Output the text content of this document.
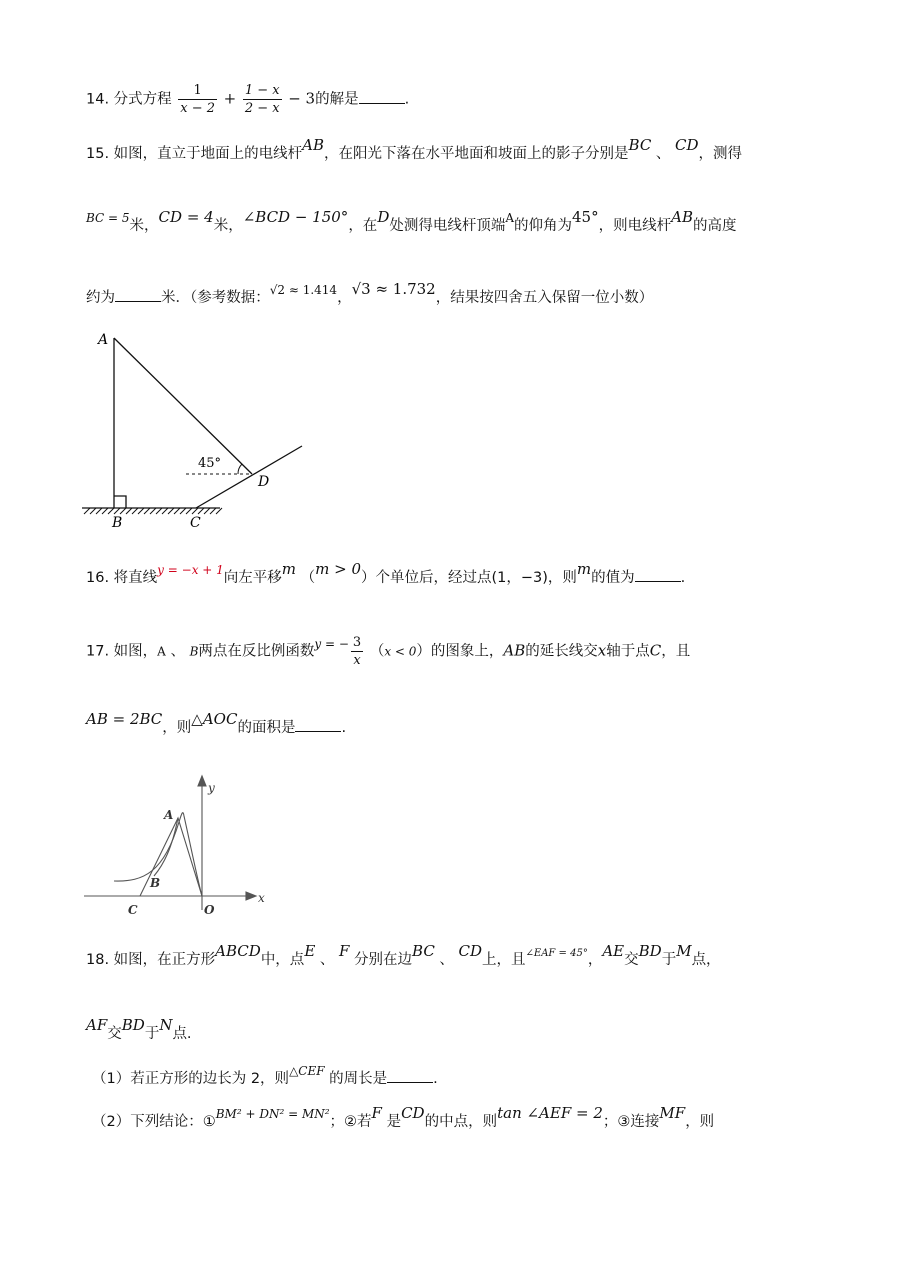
14. 分式方程 $\frac{1}{x - 2} + \frac{1 - x}{2 - x} - 3$的解是	.
15. 如图，直立于地面上的电线杆AB，在阳光下落在水平地面和坡面上的影子分别是BC 、 CD，测得
$^{BC = 5}$米，CD = 4米，∠BCD − 150°，在D处测得电线杆顶端$^A$的仰角为45°，则电线杆AB的高度
约为	米．（参考数据：$^{√2 \approx 1.414}$，√3 ≈ 1.732，结果按四舍五入保留一位小数）
A
B	C
D
45°
16. 将直线$^{y = -x + 1}$向左平移m （m > 0）个单位后，经过点(1，−3)，则m的值为	.
17. 如图，A 、 B两点在反比例函数$^{y = -} \frac{3}{x} (x < 0)$的图象上，AB的延长线交x轴于点C，且
AB = 2BC，则△AOC的面积是	.
A
B
C	O
x
y
18. 如图，在正方形ABCD中，点E 、 F 分别在边BC 、 CD上，且$^{\angle EAF = 45^\circ}$，AE交BD于M点，
AF交BD于N点.
（1）若正方形的边长为 2，则$^{\triangle CEF}$ 的周长是	.
（2）下列结论：①$^{BM^2 + DN^2 = MN^2}$；②若F 是CD的中点，则tan ∠AEF = 2；③连接MF，则
